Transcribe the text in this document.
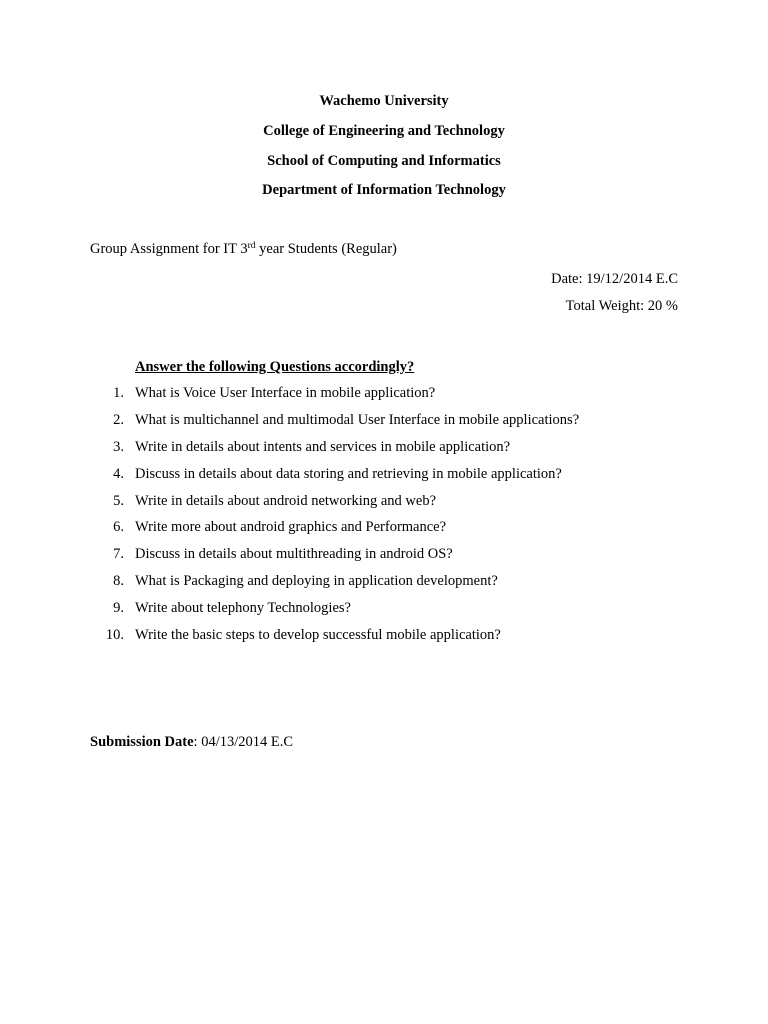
Wachemo University
College of Engineering and Technology
School of Computing and Informatics
Department of Information Technology
Group Assignment for IT 3rd year Students (Regular)
Date: 19/12/2014 E.C
Total Weight: 20 %
Answer the following Questions accordingly?
1. What is Voice User Interface in mobile application?
2. What is multichannel and multimodal User Interface in mobile applications?
3. Write in details about intents and services in mobile application?
4. Discuss in details about data storing and retrieving in mobile application?
5. Write in details about android networking and web?
6. Write more about android graphics and Performance?
7. Discuss in details about multithreading in android OS?
8. What is Packaging and deploying in application development?
9. Write about telephony Technologies?
10. Write the basic steps to develop successful mobile application?
Submission Date: 04/13/2014 E.C
